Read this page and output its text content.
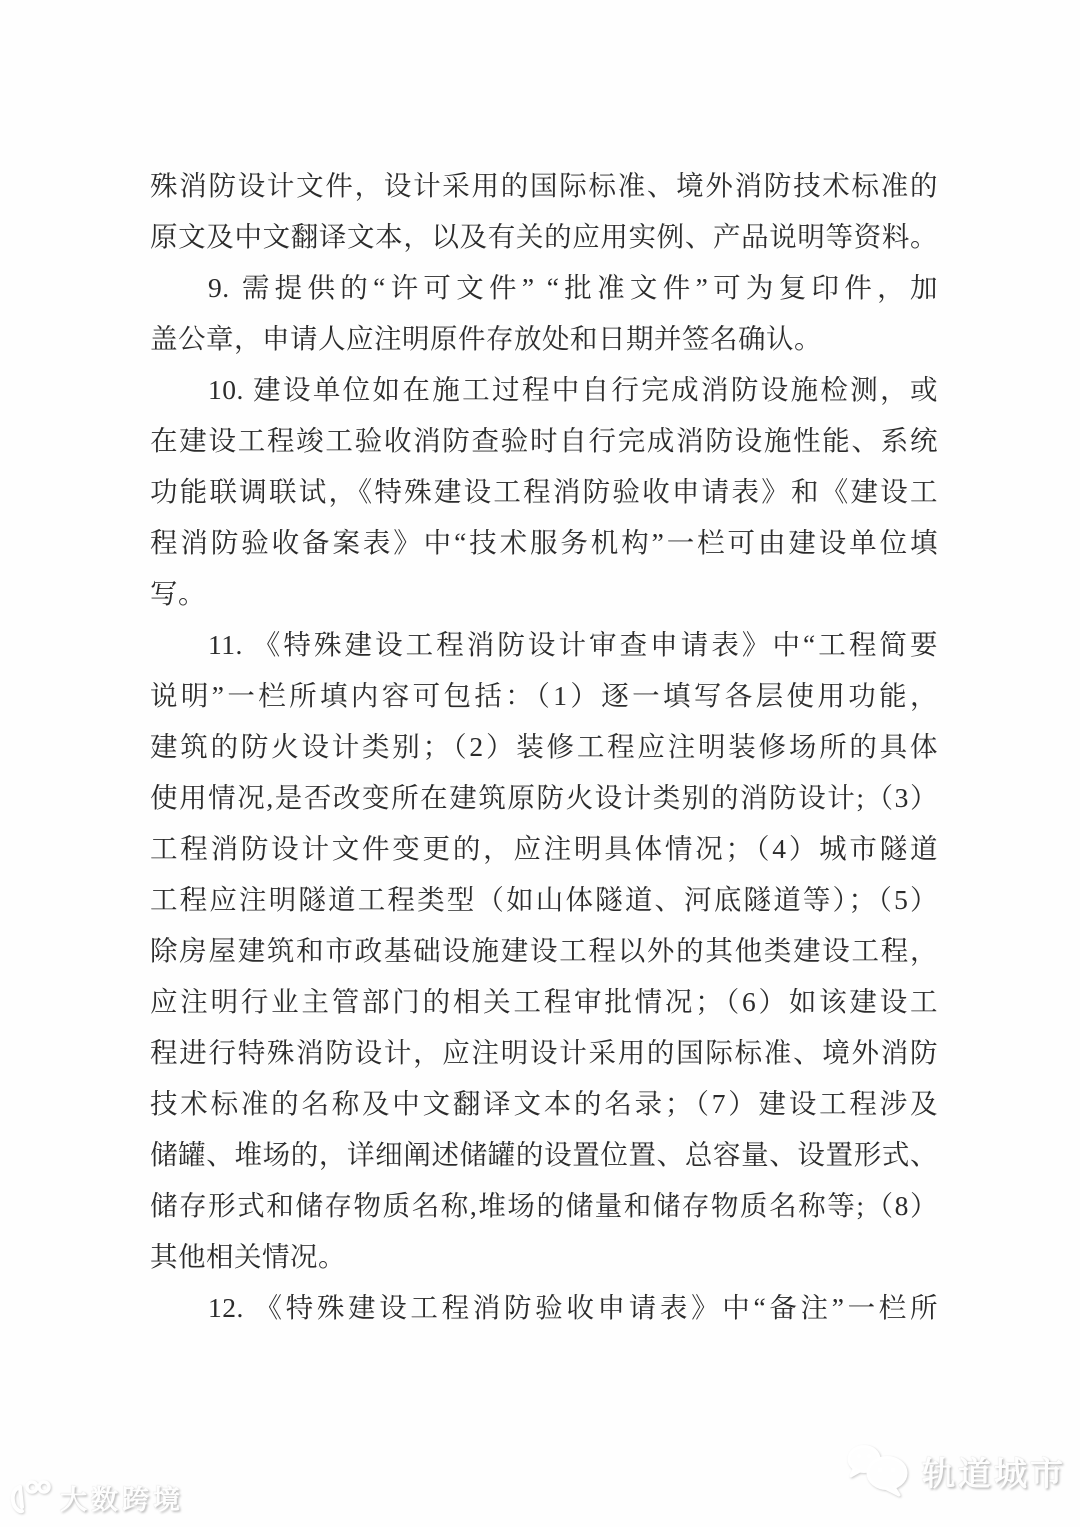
殊消防设计文件，设计采用的国际标准、境外消防技术标准的
原文及中文翻译文本，以及有关的应用实例、产品说明等资料。
9. 需提供的“许可文件” “批准文件”可为复印件，加
盖公章，申请人应注明原件存放处和日期并签名确认。
10. 建设单位如在施工过程中自行完成消防设施检测，或
在建设工程竣工验收消防查验时自行完成消防设施性能、系统
功能联调联试，《特殊建设工程消防验收申请表》和《建设工
程消防验收备案表》中“技术服务机构”一栏可由建设单位填
写。
11. 《特殊建设工程消防设计审查申请表》中“工程简要
说明”一栏所填内容可包括：（1）逐一填写各层使用功能，
建筑的防火设计类别；（2）装修工程应注明装修场所的具体
使用情况,是否改变所在建筑原防火设计类别的消防设计;（3）
工程消防设计文件变更的，应注明具体情况；（4）城市隧道
工程应注明隧道工程类型（如山体隧道、河底隧道等）；（5）
除房屋建筑和市政基础设施建设工程以外的其他类建设工程，
应注明行业主管部门的相关工程审批情况；（6）如该建设工
程进行特殊消防设计，应注明设计采用的国际标准、境外消防
技术标准的名称及中文翻译文本的名录；（7）建设工程涉及
储罐、堆场的，详细阐述储罐的设置位置、总容量、设置形式、
储存形式和储存物质名称,堆场的储量和储存物质名称等;（8）
其他相关情况。
12. 《特殊建设工程消防验收申请表》中“备注”一栏所
大数跨境
轨道城市
